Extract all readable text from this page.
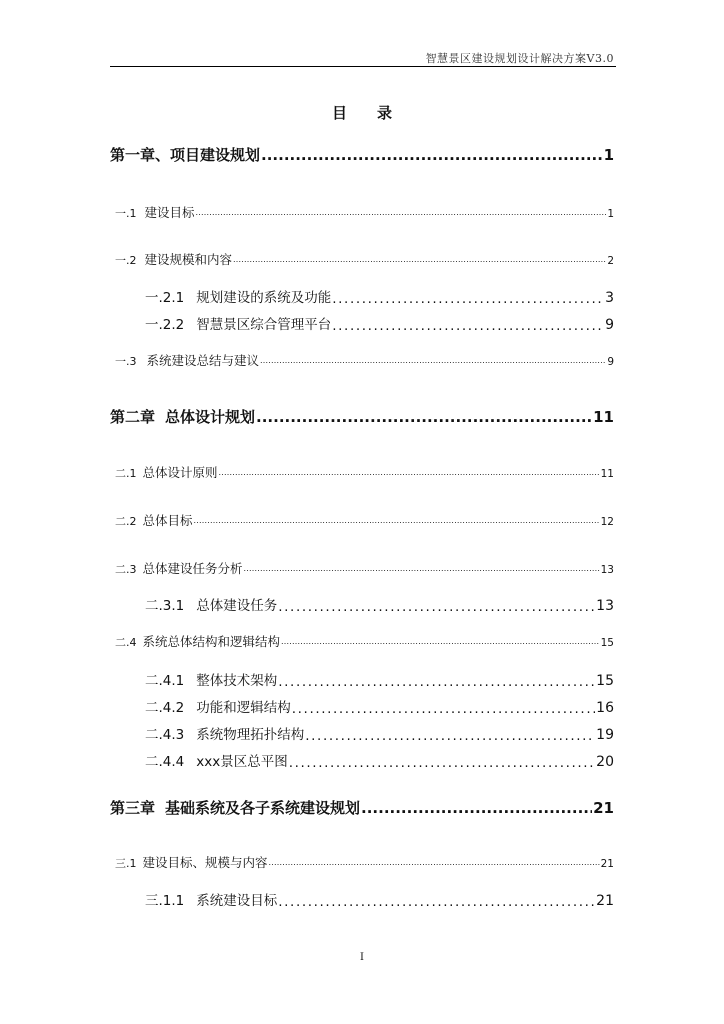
智慧景区建设规划设计解决方案V3.0
目录
第一章、 项目建设规划 .....	1
一.1 建设目标 .....	1
一.2 建设规模和内容 .....	2
一.2.1 规划建设的系统及功能 .....	3
一.2.2 智慧景区综合管理平台 .....	9
一.3 系统建设总结与建议 .....	9
第二章 总体设计规划 .....	11
二.1 总体设计原则 .....	11
二.2 总体目标 .....	12
二.3 总体建设任务分析 .....	13
二.3.1 总体建设任务 .....	13
二.4 系统总体结构和逻辑结构 .....	15
二.4.1 整体技术架构 .....	15
二.4.2 功能和逻辑结构 .....	16
二.4.3 系统物理拓扑结构 .....	19
二.4.4 xxx景区总平图 .....	20
第三章 基础系统及各子系统建设规划 .....	21
三.1 建设目标、规模与内容 .....	21
三.1.1 系统建设目标 .....	21
I
